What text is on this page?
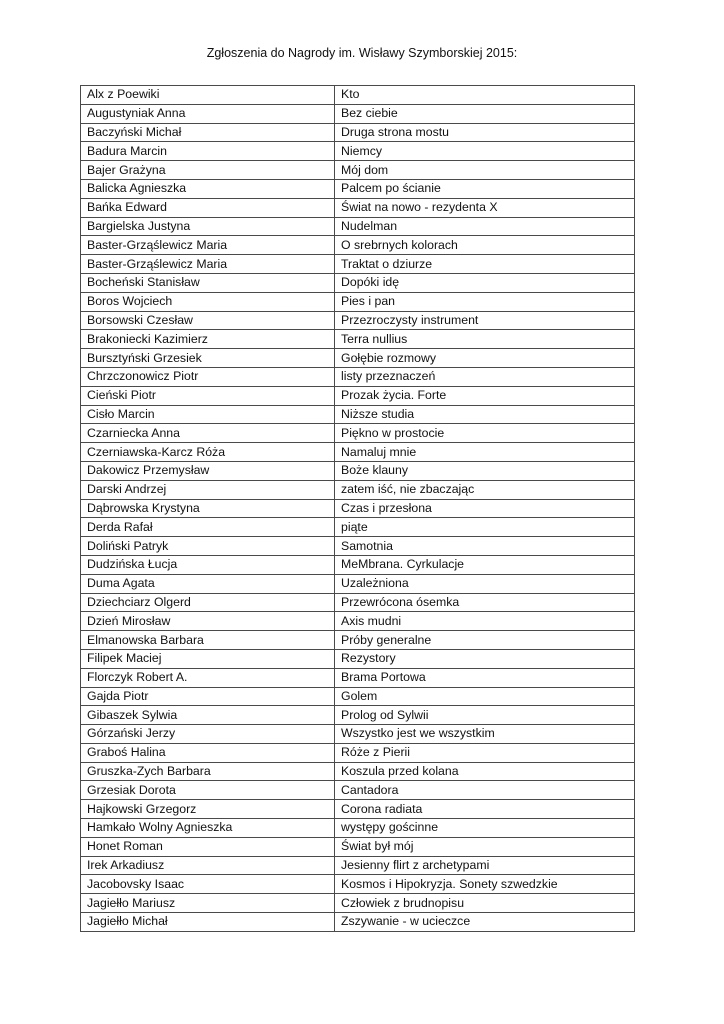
Zgłoszenia do Nagrody im. Wisławy Szymborskiej 2015:
Alx z Poewiki	Kto
Augustyniak Anna	Bez ciebie
Baczyński Michał	Druga strona mostu
Badura Marcin	Niemcy
Bajer Grażyna	Mój dom
Balicka Agnieszka	Palcem po ścianie
Bańka Edward	Świat na nowo - rezydenta X
Bargielska Justyna	Nudelman
Baster-Grząślewicz Maria	O srebrnych kolorach
Baster-Grząślewicz Maria	Traktat o dziurze
Bocheński Stanisław	Dopóki idę
Boros Wojciech	Pies i pan
Borsowski Czesław	Przezroczysty instrument
Brakoniecki Kazimierz	Terra nullius
Bursztyński Grzesiek	Gołębie rozmowy
Chrzczonowicz Piotr	listy przeznaczeń
Cieński Piotr	Prozak życia. Forte
Cisło Marcin	Niższe studia
Czarniecka Anna	Piękno w prostocie
Czerniawska-Karcz Róża	Namaluj mnie
Dakowicz Przemysław	Boże klauny
Darski Andrzej	zatem iść, nie zbaczając
Dąbrowska Krystyna	Czas i przesłona
Derda Rafał	piąte
Doliński Patryk	Samotnia
Dudzińska Łucja	MeMbrana. Cyrkulacje
Duma Agata	Uzależniona
Dziechciarz Olgerd	Przewrócona ósemka
Dzień Mirosław	Axis mudni
Elmanowska Barbara	Próby generalne
Filipek Maciej	Rezystory
Florczyk Robert A.	Brama Portowa
Gajda Piotr	Golem
Gibaszek Sylwia	Prolog od Sylwii
Górzański Jerzy	Wszystko jest we wszystkim
Graboś Halina	Róże z Pierii
Gruszka-Zych Barbara	Koszula przed kolana
Grzesiak Dorota	Cantadora
Hajkowski Grzegorz	Corona radiata
Hamkało Wolny Agnieszka	występy gościnne
Honet Roman	Świat był mój
Irek Arkadiusz	Jesienny flirt z archetypami
Jacobovsky Isaac	Kosmos i Hipokryzja. Sonety szwedzkie
Jagiełło Mariusz	Człowiek z brudnopisu
Jagiełło Michał	Zszywanie - w ucieczce
